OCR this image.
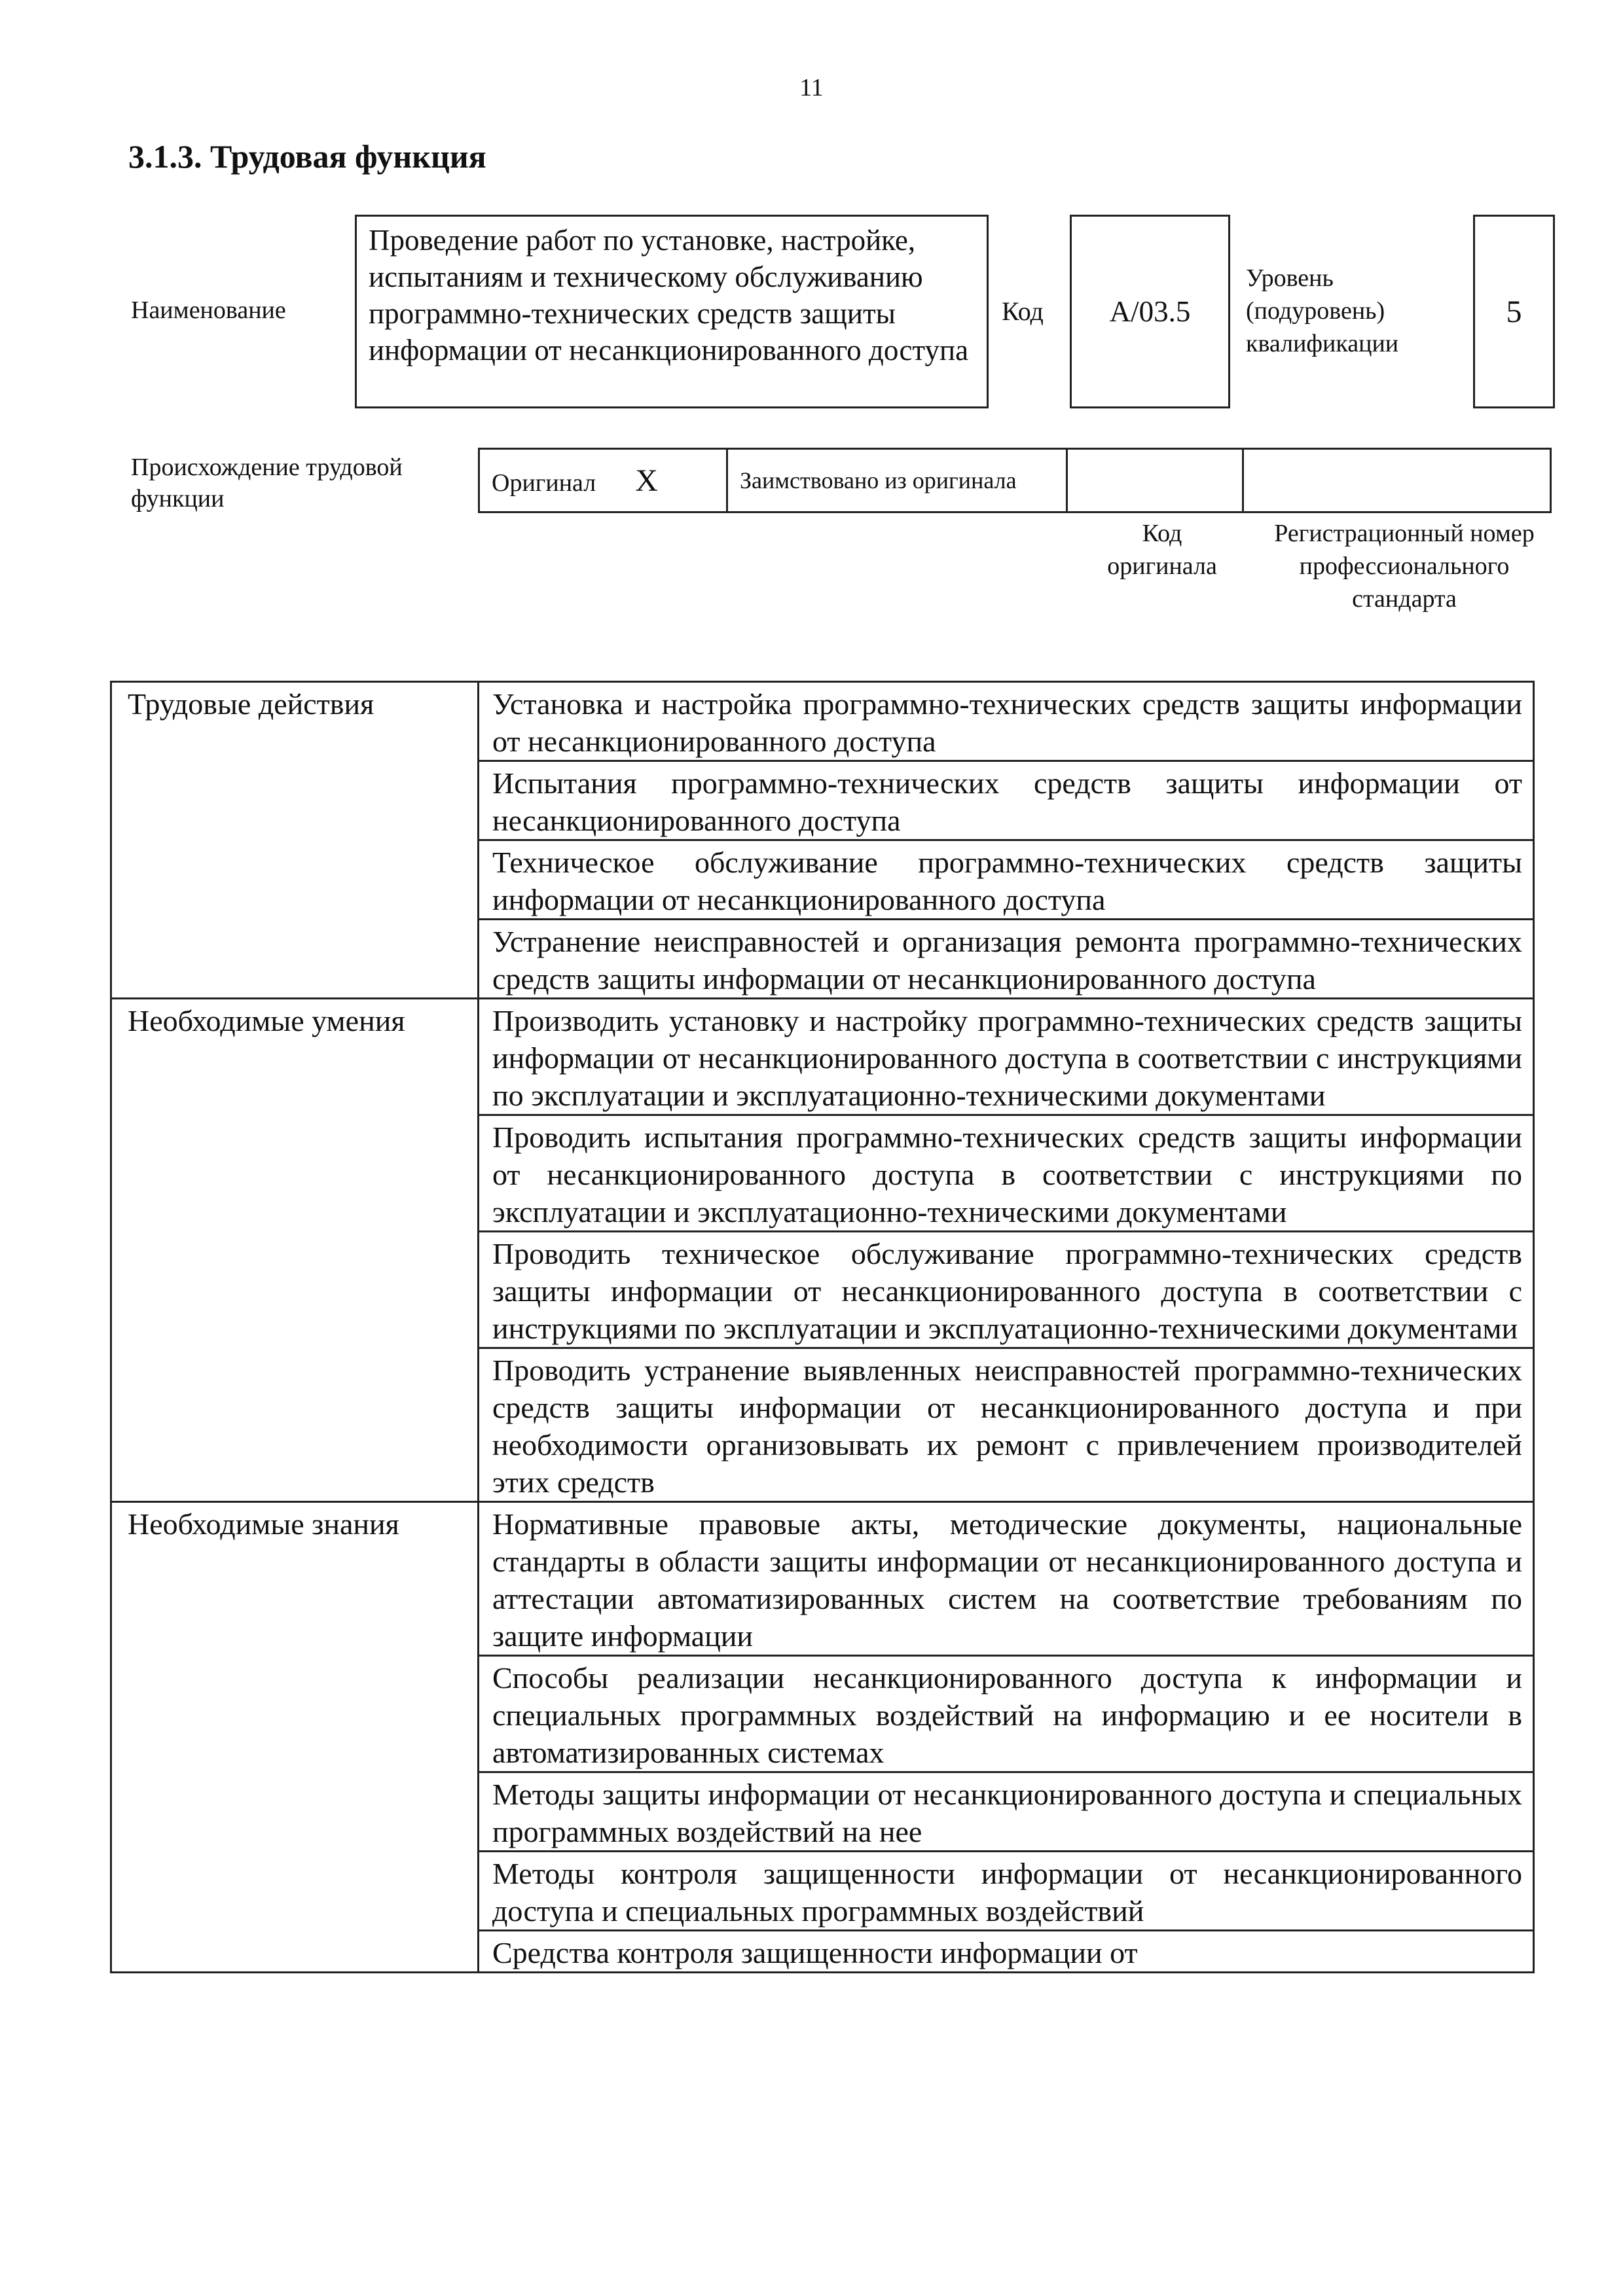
11
3.1.3. Трудовая функция
Наименование
Проведение работ по установке, настройке, испытаниям и техническому обслуживанию программно-технических средств защиты информации от несанкционированного доступа
Код А/03.5
Уровень (подуровень) квалификации
5
Происхождение трудовой функции
Оригинал X	Заимствовано из оригинала		
Код оригинала
Регистрационный номер профессионального стандарта
Трудовые действия	Установка и настройка программно-технических средств защиты информации от несанкционированного доступа
	Испытания программно-технических средств защиты информации от несанкционированного доступа
	Техническое обслуживание программно-технических средств защиты информации от несанкционированного доступа
	Устранение неисправностей и организация ремонта программно-технических средств защиты информации от несанкционированного доступа
Необходимые умения	Производить установку и настройку программно-технических средств защиты информации от несанкционированного доступа в соответствии с инструкциями по эксплуатации и эксплуатационно-техническими документами
	Проводить испытания программно-технических средств защиты информации от несанкционированного доступа в соответствии с инструкциями по эксплуатации и эксплуатационно-техническими документами
	Проводить техническое обслуживание программно-технических средств защиты информации от несанкционированного доступа в соответствии с инструкциями по эксплуатации и эксплуатационно-техническими документами
	Проводить устранение выявленных неисправностей программно-технических средств защиты информации от несанкционированного доступа и при необходимости организовывать их ремонт с привлечением производителей этих средств
Необходимые знания	Нормативные правовые акты, методические документы, национальные стандарты в области защиты информации от несанкционированного доступа и аттестации автоматизированных систем на соответствие требованиям по защите информации
	Способы реализации несанкционированного доступа к информации и специальных программных воздействий на информацию и ее носители в автоматизированных системах
	Методы защиты информации от несанкционированного доступа и специальных программных воздействий на нее
	Методы контроля защищенности информации от несанкционированного доступа и специальных программных воздействий
	Средства контроля защищенности информации от
